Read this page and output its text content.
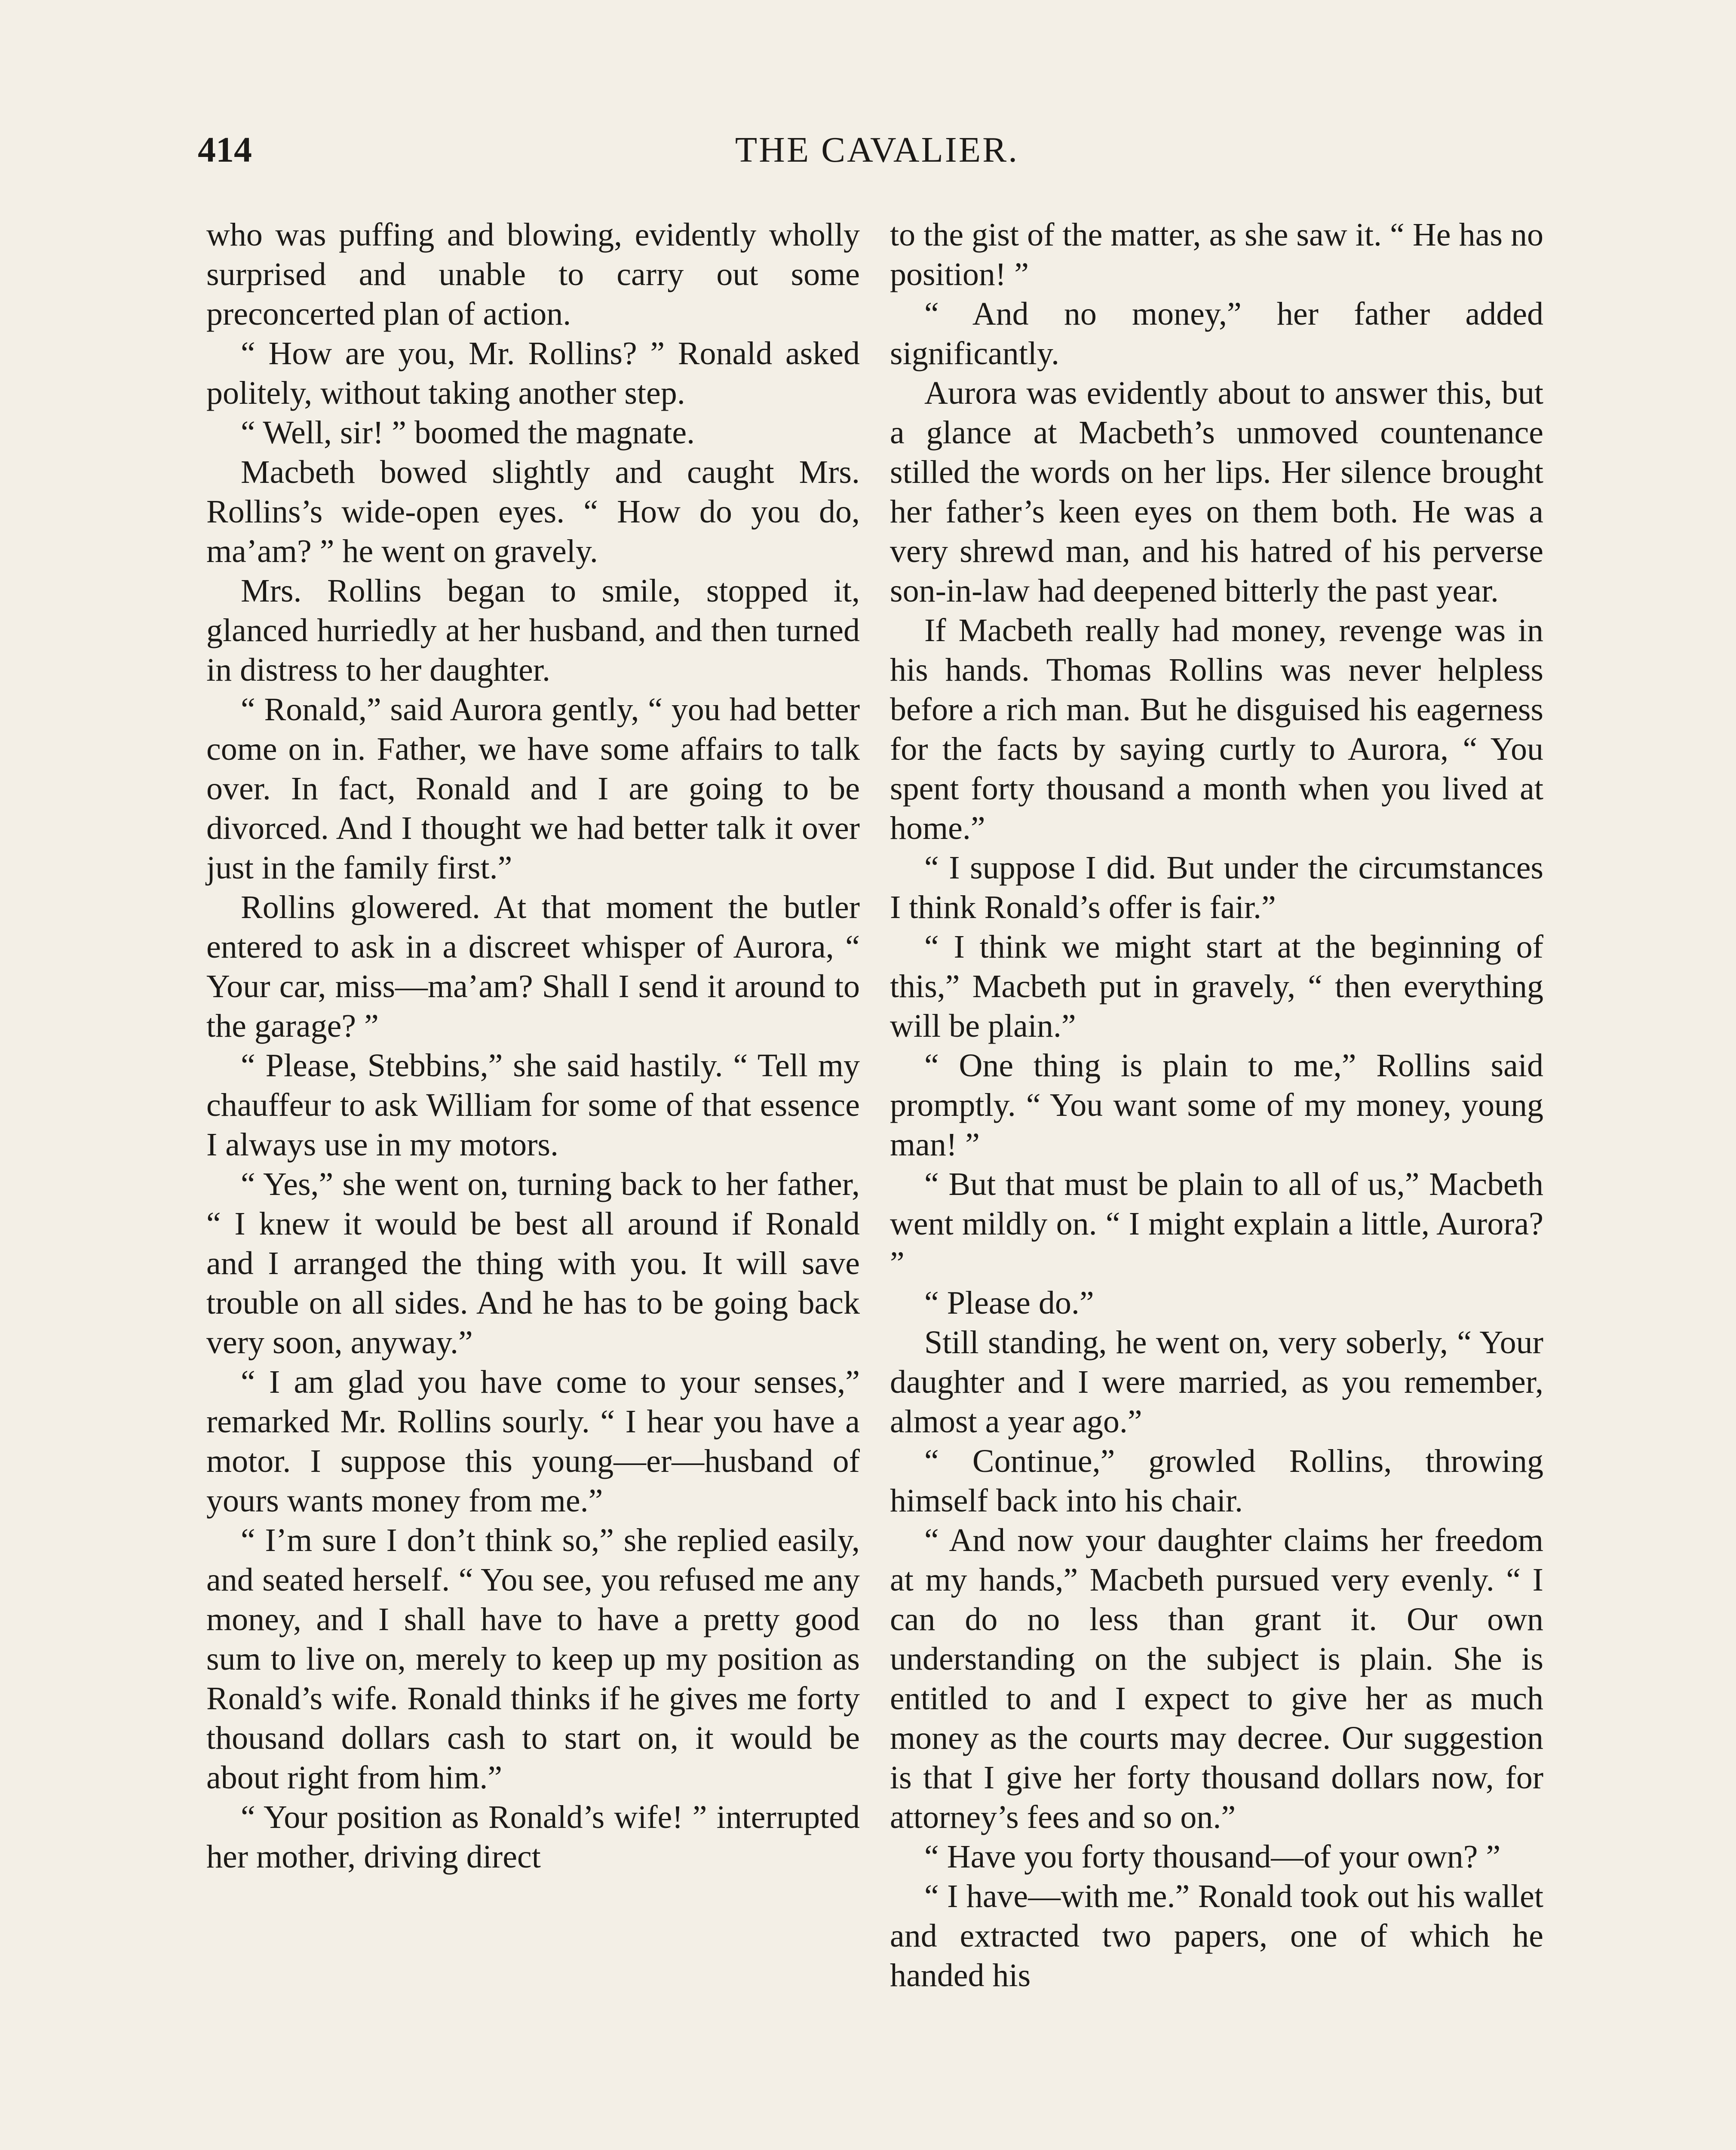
414	THE CAVALIER.

who was puffing and blowing, evidently wholly surprised and unable to carry out some preconcerted plan of action.

“ How are you, Mr. Rollins? ” Ronald asked politely, without taking another step.

“ Well, sir! ” boomed the magnate.

Macbeth bowed slightly and caught Mrs. Rollins’s wide-open eyes. “ How do you do, ma’am? ” he went on gravely.

Mrs. Rollins began to smile, stopped it, glanced hurriedly at her husband, and then turned in distress to her daughter.

“ Ronald,” said Aurora gently, “ you had better come on in. Father, we have some affairs to talk over. In fact, Ronald and I are going to be divorced. And I thought we had better talk it over just in the family first.”

Rollins glowered. At that moment the butler entered to ask in a discreet whisper of Aurora, “ Your car, miss—ma’am? Shall I send it around to the garage? ”

“ Please, Stebbins,” she said hastily. “ Tell my chauffeur to ask William for some of that essence I always use in my motors.

“ Yes,” she went on, turning back to her father, “ I knew it would be best all around if Ronald and I arranged the thing with you. It will save trouble on all sides. And he has to be going back very soon, anyway.”

“ I am glad you have come to your senses,” remarked Mr. Rollins sourly. “ I hear you have a motor. I suppose this young—er—husband of yours wants money from me.”

“ I’m sure I don’t think so,” she replied easily, and seated herself. “ You see, you refused me any money, and I shall have to have a pretty good sum to live on, merely to keep up my position as Ronald’s wife. Ronald thinks if he gives me forty thousand dollars cash to start on, it would be about right from him.”

“ Your position as Ronald’s wife! ” interrupted her mother, driving direct

to the gist of the matter, as she saw it. “ He has no position! ”

“ And no money,” her father added significantly.

Aurora was evidently about to answer this, but a glance at Macbeth’s unmoved countenance stilled the words on her lips. Her silence brought her father’s keen eyes on them both. He was a very shrewd man, and his hatred of his perverse son-in-law had deepened bitterly the past year.

If Macbeth really had money, revenge was in his hands. Thomas Rollins was never helpless before a rich man. But he disguised his eagerness for the facts by saying curtly to Aurora, “ You spent forty thousand a month when you lived at home.”

“ I suppose I did. But under the circumstances I think Ronald’s offer is fair.”

“ I think we might start at the beginning of this,” Macbeth put in gravely, “ then everything will be plain.”

“ One thing is plain to me,” Rollins said promptly. “ You want some of my money, young man! ”

“ But that must be plain to all of us,” Macbeth went mildly on. “ I might explain a little, Aurora? ”

“ Please do.”

Still standing, he went on, very soberly, “ Your daughter and I were married, as you remember, almost a year ago.”

“ Continue,” growled Rollins, throwing himself back into his chair.

“ And now your daughter claims her freedom at my hands,” Macbeth pursued very evenly. “ I can do no less than grant it. Our own understanding on the subject is plain. She is entitled to and I expect to give her as much money as the courts may decree. Our suggestion is that I give her forty thousand dollars now, for attorney’s fees and so on.”

“ Have you forty thousand—of your own? ”

“ I have—with me.” Ronald took out his wallet and extracted two papers, one of which he handed his
